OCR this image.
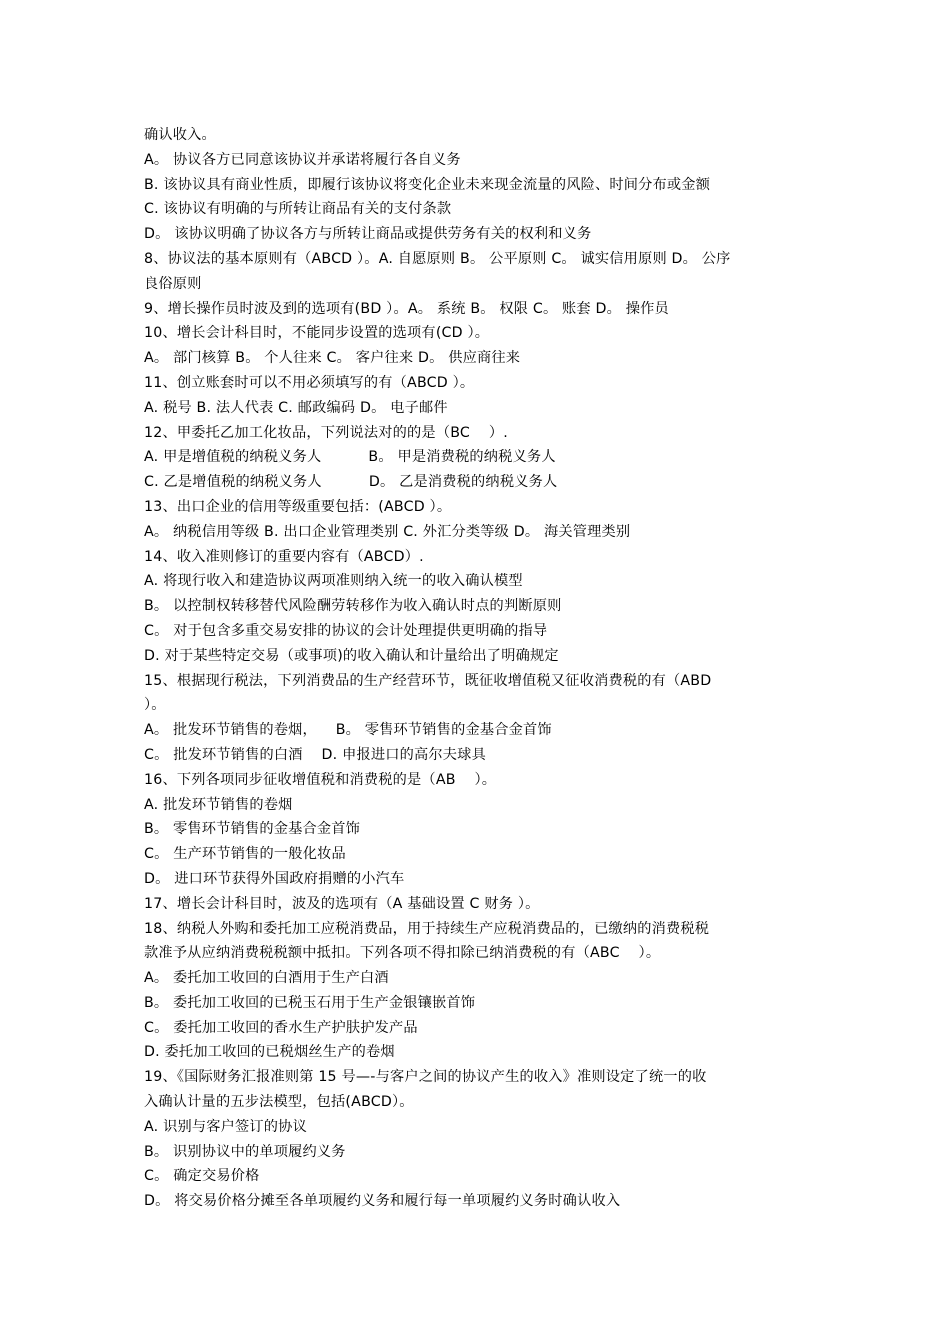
确认收入。
A。 协议各方已同意该协议并承诺将履行各自义务
B. 该协议具有商业性质，即履行该协议将变化企业未来现金流量的风险、时间分布或金额
C. 该协议有明确的与所转让商品有关的支付条款
D。 该协议明确了协议各方与所转让商品或提供劳务有关的权利和义务
8、协议法的基本原则有（ABCD ）。A. 自愿原则 B。 公平原则 C。 诚实信用原则 D。 公序
良俗原则
9、增长操作员时波及到的选项有(BD ）。A。 系统 B。 权限 C。 账套 D。 操作员
10、增长会计科目时，不能同步设置的选项有(CD ）。
A。 部门核算 B。 个人往来 C。 客户往来 D。 供应商往来
11、创立账套时可以不用必须填写的有（ABCD ）。
A. 税号 B. 法人代表 C. 邮政编码 D。 电子邮件
12、甲委托乙加工化妆品，下列说法对的的是（BC    ）.
A. 甲是增值税的纳税义务人          B。 甲是消费税的纳税义务人
C. 乙是增值税的纳税义务人          D。 乙是消费税的纳税义务人
13、出口企业的信用等级重要包括：(ABCD ）。
A。 纳税信用等级 B. 出口企业管理类别 C. 外汇分类等级 D。 海关管理类别
14、收入准则修订的重要内容有（ABCD）.
A. 将现行收入和建造协议两项准则纳入统一的收入确认模型
B。 以控制权转移替代风险酬劳转移作为收入确认时点的判断原则
C。 对于包含多重交易安排的协议的会计处理提供更明确的指导
D. 对于某些特定交易（或事项)的收入确认和计量给出了明确规定
15、根据现行税法，下列消费品的生产经营环节，既征收增值税又征收消费税的有（ABD
）。
A。 批发环节销售的卷烟，    B。 零售环节销售的金基合金首饰
C。 批发环节销售的白酒    D. 申报进口的高尔夫球具
16、下列各项同步征收增值税和消费税的是（AB    ）。
A. 批发环节销售的卷烟
B。 零售环节销售的金基合金首饰
C。 生产环节销售的一般化妆品
D。 进口环节获得外国政府捐赠的小汽车
17、增长会计科目时，波及的选项有（A 基础设置 C 财务 ）。
18、纳税人外购和委托加工应税消费品，用于持续生产应税消费品的，已缴纳的消费税税
款准予从应纳消费税税额中抵扣。下列各项不得扣除已纳消费税的有（ABC    ）。
A。 委托加工收回的白酒用于生产白酒
B。 委托加工收回的已税玉石用于生产金银镶嵌首饰
C。 委托加工收回的香水生产护肤护发产品
D. 委托加工收回的已税烟丝生产的卷烟
19、《国际财务汇报准则第 15 号—-与客户之间的协议产生的收入》准则设定了统一的收
入确认计量的五步法模型，包括(ABCD）。
A. 识别与客户签订的协议
B。 识别协议中的单项履约义务
C。 确定交易价格
D。 将交易价格分摊至各单项履约义务和履行每一单项履约义务时确认收入
